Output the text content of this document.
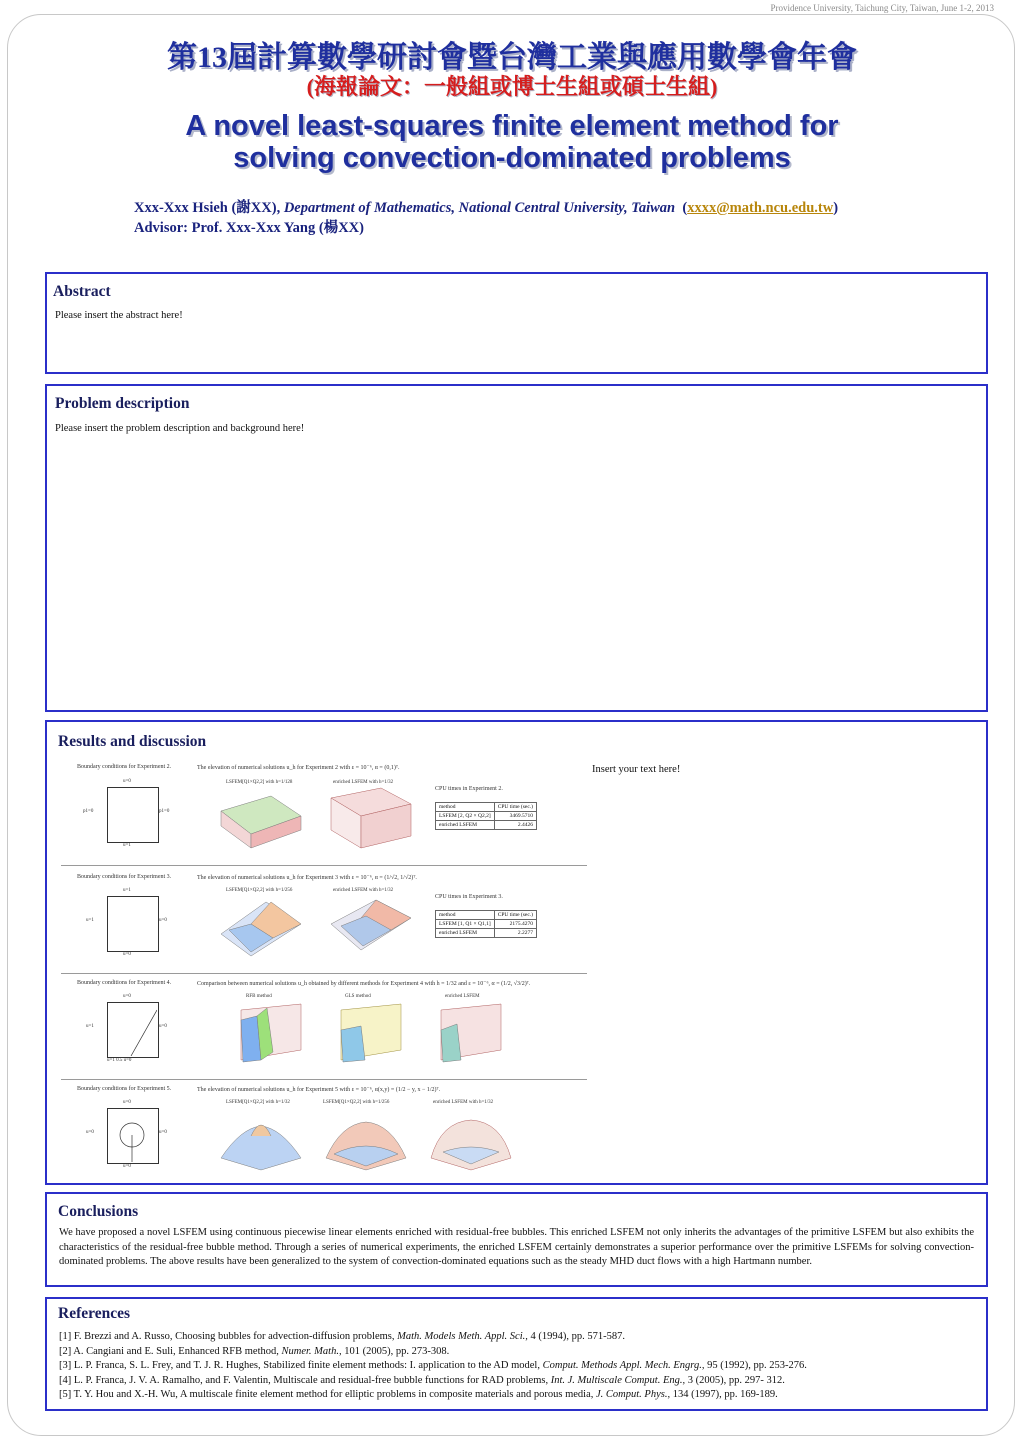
Providence University, Taichung City, Taiwan, June 1-2, 2013
第13屆計算數學研討會暨台灣工業與應用數學會年會
(海報論文：一般組或博士生組或碩士生組)
A novel least-squares finite element method for
solving convection-dominated problems
Xxx-Xxx Hsieh (謝XX), Department of Mathematics, National Central University, Taiwan  (xxxx@math.ncu.edu.tw)
Advisor: Prof. Xxx-Xxx Yang (楊XX)
Abstract
Please insert the abstract here!
Problem description
Please insert the problem description and background here!
Results and discussion
Insert your text here!
Boundary conditions for Experiment 2.	The elevation of numerical solutions u_h for Experiment 2 with ε = 10⁻⁶, α = (0,1)ᵀ.
u=0
u=1
p1=0	p1=0
LSFEM[Q1×Q2,2] with h=1/128	enriched LSFEM with h=1/32
CPU times in Experiment 2.
method	CPU time (sec.)
LSFEM [2, Q2 × Q2,2]	3469.5710
enriched LSFEM	2.4426
Boundary conditions for Experiment 3.	The elevation of numerical solutions u_h for Experiment 3 with ε = 10⁻⁶, α = (1/√2, 1/√2)ᵀ.
u=1
u=0
u=1	u=0
LSFEM[Q1×Q2,2] with h=1/256	enriched LSFEM with h=1/32
CPU times in Experiment 3.
method	CPU time (sec.)
LSFEM [1, Q1 × Q1,1]	2175.4270
enriched LSFEM	2.2277
Boundary conditions for Experiment 4.	Comparison between numerical solutions u_h obtained by different methods for Experiment 4 with h = 1/32 and ε = 10⁻⁶, α = (1/2, √3/2)ᵀ.
u=0
u=1 0.5 u=0
u=1	u=0
RFB method	GLS method	enriched LSFEM
Boundary conditions for Experiment 5.	The elevation of numerical solutions u_h for Experiment 5 with ε = 10⁻⁶, α(x,y) = (1/2 − y, x − 1/2)ᵀ.
u=0
u=0
u=0	u=0
LSFEM[Q1×Q2,2] with h=1/32	LSFEM[Q1×Q2,2] with h=1/256	enriched LSFEM with h=1/32
Conclusions
We have proposed a novel LSFEM using continuous piecewise linear elements enriched with residual-free bubbles. This enriched LSFEM not only inherits the advantages of the primitive LSFEM but also exhibits the characteristics of the residual-free bubble method. Through a series of numerical experiments, the enriched LSFEM certainly demonstrates a superior performance over the primitive LSFEMs for solving convection-dominated problems. The above results have been generalized to the system of convection-dominated equations such as the steady MHD duct flows with a high Hartmann number.
References
[1] F. Brezzi and A. Russo, Choosing bubbles for advection-diffusion problems, Math. Models Meth. Appl. Sci., 4 (1994), pp. 571-587.
[2] A. Cangiani and E. Suli, Enhanced RFB method, Numer. Math., 101 (2005), pp. 273-308.
[3] L. P. Franca, S. L. Frey, and T. J. R. Hughes, Stabilized finite element methods: I. application to the AD model, Comput. Methods Appl. Mech. Engrg., 95 (1992), pp. 253-276.
[4] L. P. Franca, J. V. A. Ramalho, and F. Valentin, Multiscale and residual-free bubble functions for RAD problems, Int. J. Multiscale Comput. Eng., 3 (2005), pp. 297- 312.
[5] T. Y. Hou and X.-H. Wu, A multiscale finite element method for elliptic problems in composite materials and porous media, J. Comput. Phys., 134 (1997), pp. 169-189.
